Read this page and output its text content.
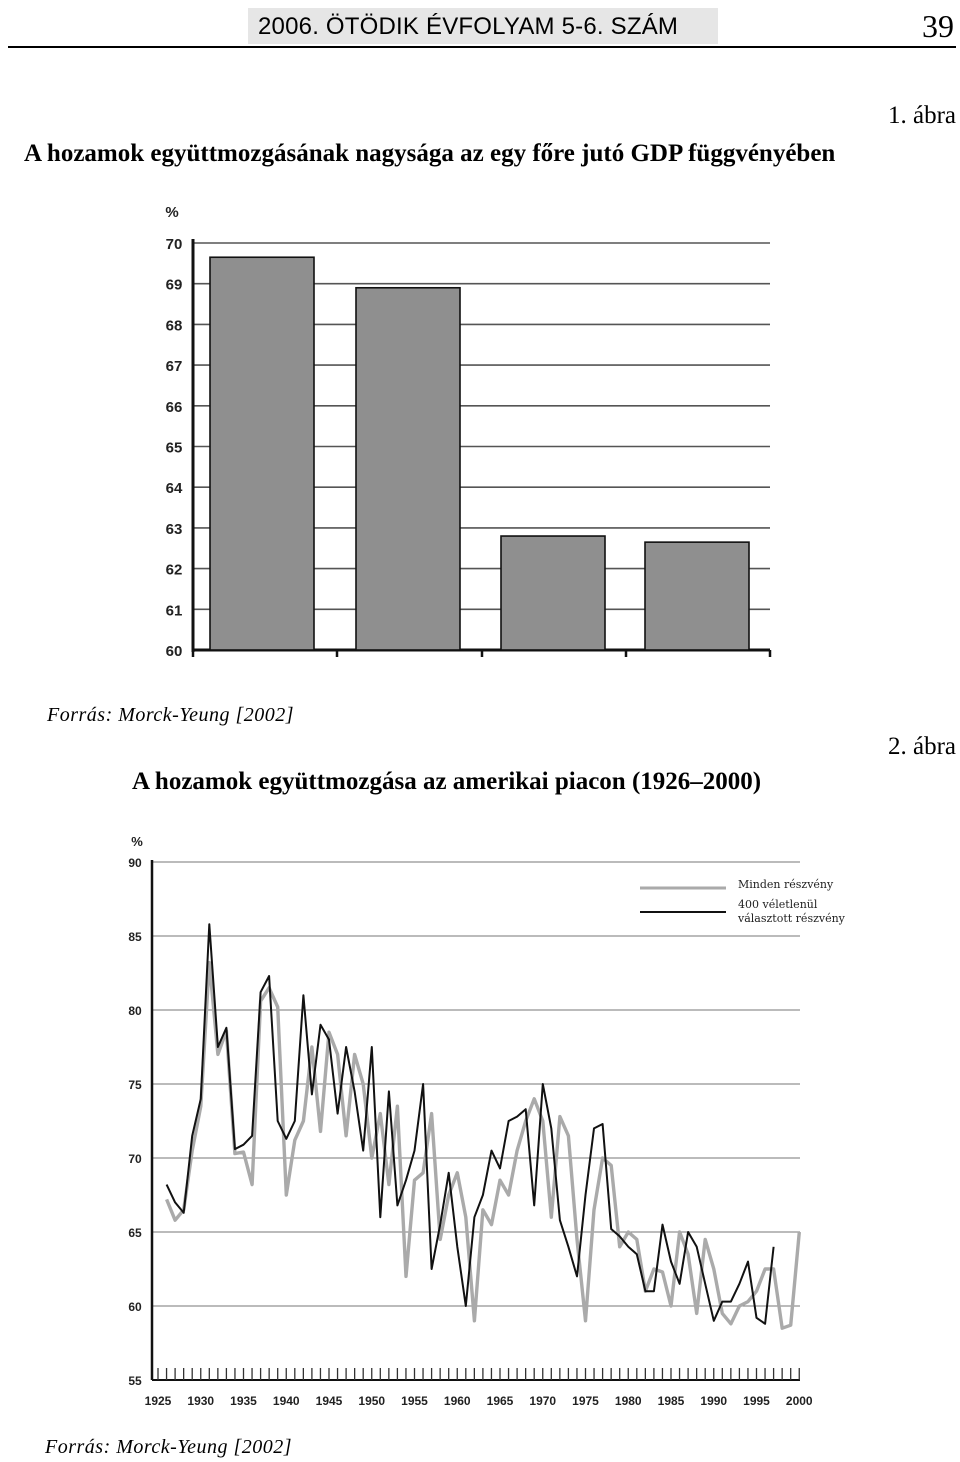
2006. ÖTÖDIK ÉVFOLYAM 5-6. SZÁM	39
1. ábra
A hozamok együttmozgásának nagysága az egy főre jutó GDP függvényében
%
70
69
68
67
66
65
64
63
62
61
60
%
Minden részvény
400 véletlenül választott részvény
90
85
80
75
70
65
60
55
1925 1930 1935 1940 1945 1950 1955 1960 1965 1970 1975 1980 1985 1990 1995 2000
Forrás: Morck-Yeung [2002]
2. ábra
A hozamok együttmozgása az amerikai piacon (1926–2000)
Forrás: Morck-Yeung [2002]
